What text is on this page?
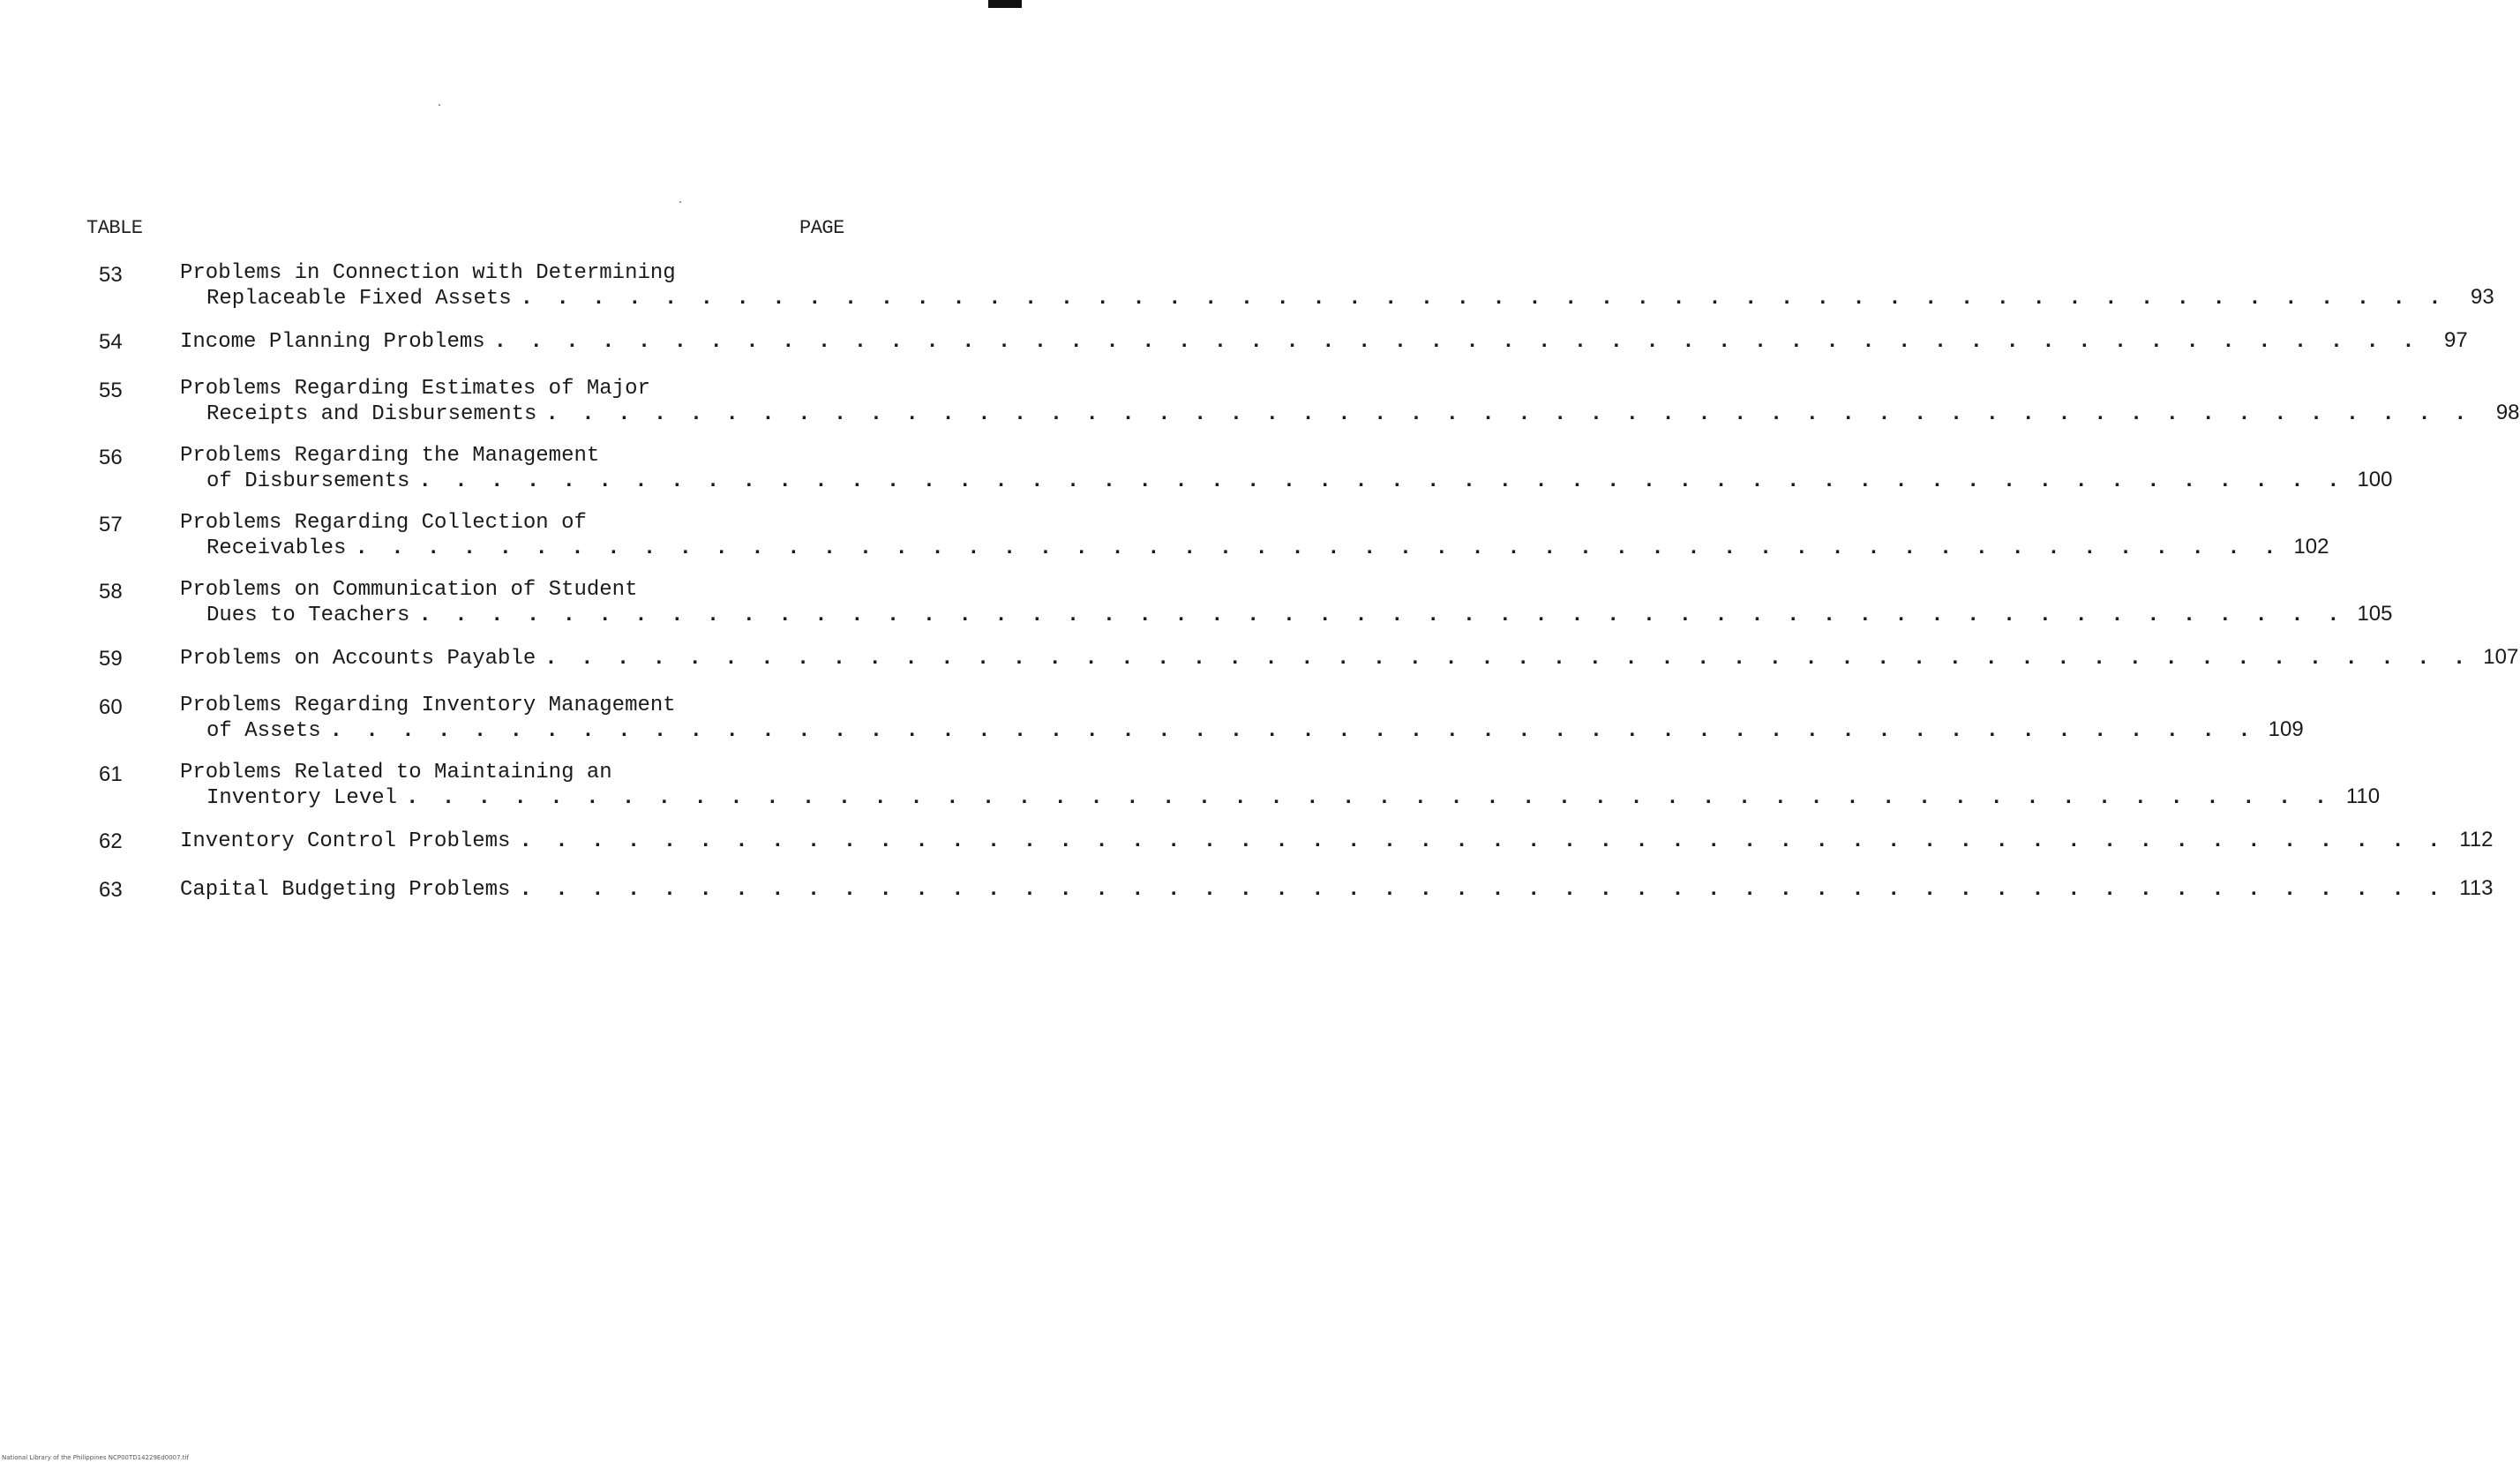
TABLE	PAGE
53	Problems in Connection with Determining
Replaceable Fixed Assets . . . . . . . . . . . . . . . . . . . . . . . . . . . . . . . . . . . . . . . . . . . . . . . . . . . . . .	93
54	Income Planning Problems . . . . . . . . . . . . . . . . . . . . . . . . . . . . . . . . . . . . . . . . . . . . . . . . . . . . . .	97
55	Problems Regarding Estimates of Major
Receipts and Disbursements . . . . . . . . . . . . . . . . . . . . . . . . . . . . . . . . . . . . . . . . . . . . . . . . . . . . . .	98
56	Problems Regarding the Management
of Disbursements . . . . . . . . . . . . . . . . . . . . . . . . . . . . . . . . . . . . . . . . . . . . . . . . . . . . . . 100
57	Problems Regarding Collection of
Receivables . . . . . . . . . . . . . . . . . . . . . . . . . . . . . . . . . . . . . . . . . . . . . . . . . . . . . . 102
58	Problems on Communication of Student
Dues to Teachers . . . . . . . . . . . . . . . . . . . . . . . . . . . . . . . . . . . . . . . . . . . . . . . . . . . . . . 105
59	Problems on Accounts Payable . . . . . . . . . . . . . . . . . . . . . . . . . . . . . . . . . . . . . . . . . . . . . . . . . . . . . . 107
60	Problems Regarding Inventory Management
of Assets . . . . . . . . . . . . . . . . . . . . . . . . . . . . . . . . . . . . . . . . . . . . . . . . . . . . . . 109
61	Problems Related to Maintaining an
Inventory Level . . . . . . . . . . . . . . . . . . . . . . . . . . . . . . . . . . . . . . . . . . . . . . . . . . . . . . 110
62	Inventory Control Problems . . . . . . . . . . . . . . . . . . . . . . . . . . . . . . . . . . . . . . . . . . . . . . . . . . . . . . 112
63	Capital Budgeting Problems . . . . . . . . . . . . . . . . . . . . . . . . . . . . . . . . . . . . . . . . . . . . . . . . . . . . . . 113
National Library of the Philippines NCP00TD14229Ed0007.tif
